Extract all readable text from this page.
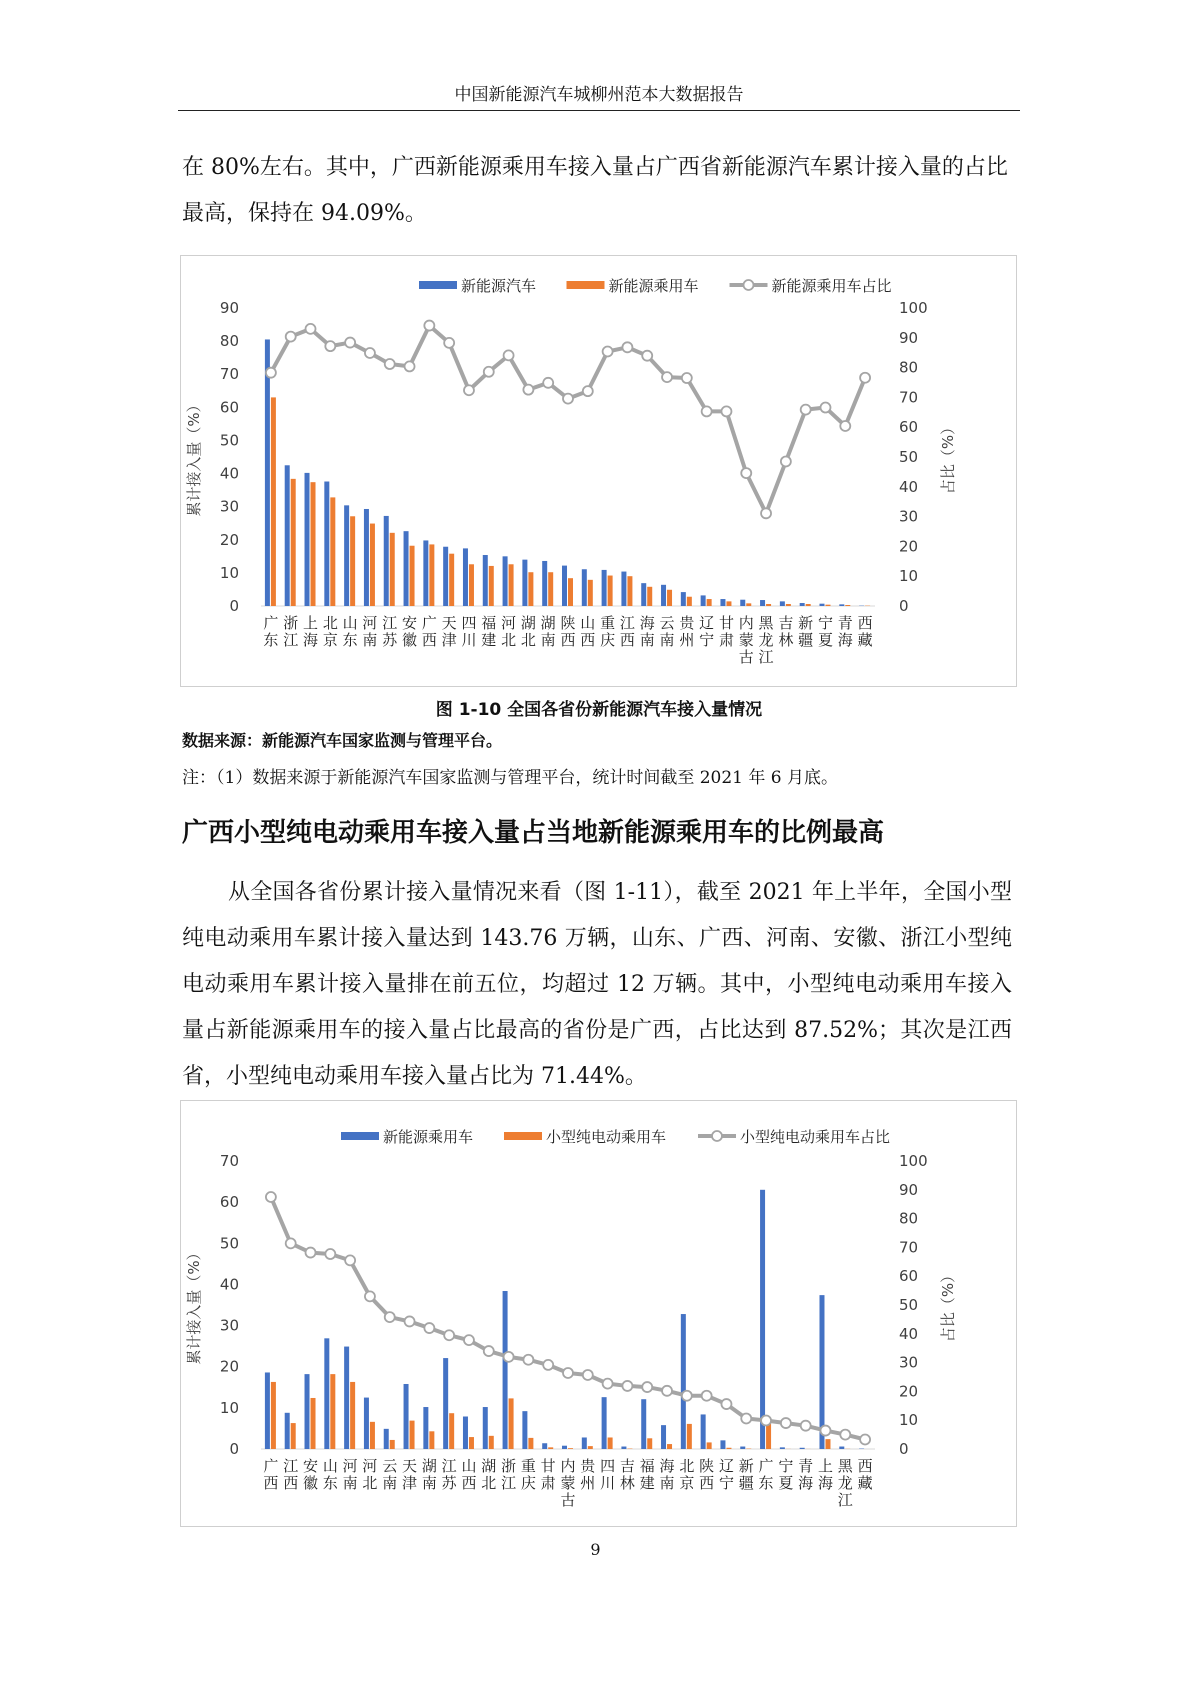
中国新能源汽车城柳州范本大数据报告

在 80%左右。其中，广西新能源乘用车接入量占广西省新能源汽车累计接入量的占比最高，保持在 94.09%。

0
10
20
30
40
50
60
70
80
90
0
10
20
30
40
50
60
70
80
90
100
累计接入量（%）	占比（%）
广东
浙江
上海
北京
山东
河南
江苏
安徽
广西
天津
四川
福建
河北
湖北
湖南
陕西
山西
重庆
江西
海南
云南
贵州
辽宁
甘肃
内蒙古
黑龙江
吉林
新疆
宁夏
青海
西藏
新能源汽车	新能源乘用车	新能源乘用车占比
图 1-10 全国各省份新能源汽车接入量情况
数据来源：新能源汽车国家监测与管理平台。
注：（1）数据来源于新能源汽车国家监测与管理平台，统计时间截至 2021 年 6 月底。
广西小型纯电动乘用车接入量占当地新能源乘用车的比例最高

从全国各省份累计接入量情况来看（图 1-11），截至 2021 年上半年，全国小型纯电动乘用车累计接入量达到 143.76 万辆，山东、广西、河南、安徽、浙江小型纯电动乘用车累计接入量排在前五位，均超过 12 万辆。其中，小型纯电动乘用车接入量占新能源乘用车的接入量占比最高的省份是广西，占比达到 87.52%；其次是江西省，小型纯电动乘用车接入量占比为 71.44%。

0
10
20
30
40
50
60
70
0
10
20
30
40
50
60
70
80
90
100
累计接入量（%）	占比（%）
广西
江西
安徽
山东
河南
河北
云南
天津
湖南
江苏
山西
湖北
浙江
重庆
甘肃
内蒙古
贵州
四川
吉林
福建
海南
北京
陕西
辽宁
新疆
广东
宁夏
青海
上海
黑龙江
西藏
新能源乘用车	小型纯电动乘用车	小型纯电动乘用车占比
9
